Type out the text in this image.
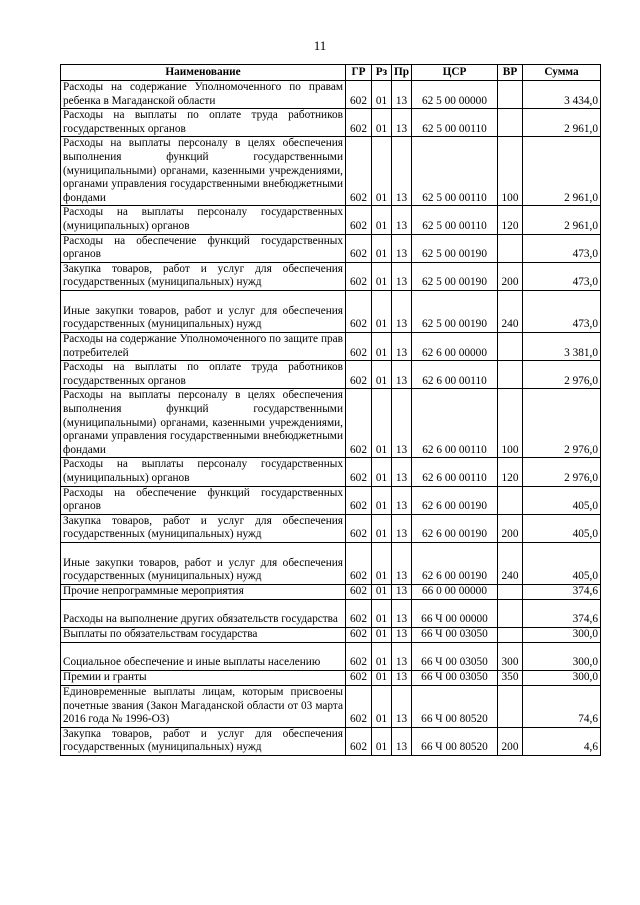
11
Наименование	ГР	Рз	Пр	ЦСР	ВР	Сумма
Расходы на содержание Уполномоченного по правам ребенка в Магаданской области	602	01	13	62 5 00 00000		3 434,0
Расходы на выплаты по оплате труда работников государственных органов	602	01	13	62 5 00 00110		2 961,0
Расходы на выплаты персоналу в целях обеспечения выполнения функций государственными (муниципальными) органами, казенными учреждениями, органами управления государственными внебюджетными фондами	602	01	13	62 5 00 00110	100	2 961,0
Расходы на выплаты персоналу государственных (муниципальных) органов	602	01	13	62 5 00 00110	120	2 961,0
Расходы на обеспечение функций государственных органов	602	01	13	62 5 00 00190		473,0
Закупка товаров, работ и услуг для обеспечения государственных (муниципальных) нужд	602	01	13	62 5 00 00190	200	473,0
Иные закупки товаров, работ и услуг для обеспечения государственных (муниципальных) нужд	602	01	13	62 5 00 00190	240	473,0
Расходы на содержание Уполномоченного по защите прав потребителей	602	01	13	62 6 00 00000		3 381,0
Расходы на выплаты по оплате труда работников государственных органов	602	01	13	62 6 00 00110		2 976,0
Расходы на выплаты персоналу в целях обеспечения выполнения функций государственными (муниципальными) органами, казенными учреждениями, органами управления государственными внебюджетными фондами	602	01	13	62 6 00 00110	100	2 976,0
Расходы на выплаты персоналу государственных (муниципальных) органов	602	01	13	62 6 00 00110	120	2 976,0
Расходы на обеспечение функций государственных органов	602	01	13	62 6 00 00190		405,0
Закупка товаров, работ и услуг для обеспечения государственных (муниципальных) нужд	602	01	13	62 6 00 00190	200	405,0
Иные закупки товаров, работ и услуг для обеспечения государственных (муниципальных) нужд	602	01	13	62 6 00 00190	240	405,0
Прочие непрограммные мероприятия	602	01	13	66 0 00 00000		374,6
Расходы на выполнение других обязательств государства	602	01	13	66 Ч 00 00000		374,6
Выплаты по обязательствам государства	602	01	13	66 Ч 00 03050		300,0
Социальное обеспечение и иные выплаты населению	602	01	13	66 Ч 00 03050	300	300,0
Премии и гранты	602	01	13	66 Ч 00 03050	350	300,0
Единовременные выплаты лицам, которым присвоены почетные звания (Закон Магаданской области от 03 марта 2016 года № 1996-ОЗ)	602	01	13	66 Ч 00 80520		74,6
Закупка товаров, работ и услуг для обеспечения государственных (муниципальных) нужд	602	01	13	66 Ч 00 80520	200	4,6
